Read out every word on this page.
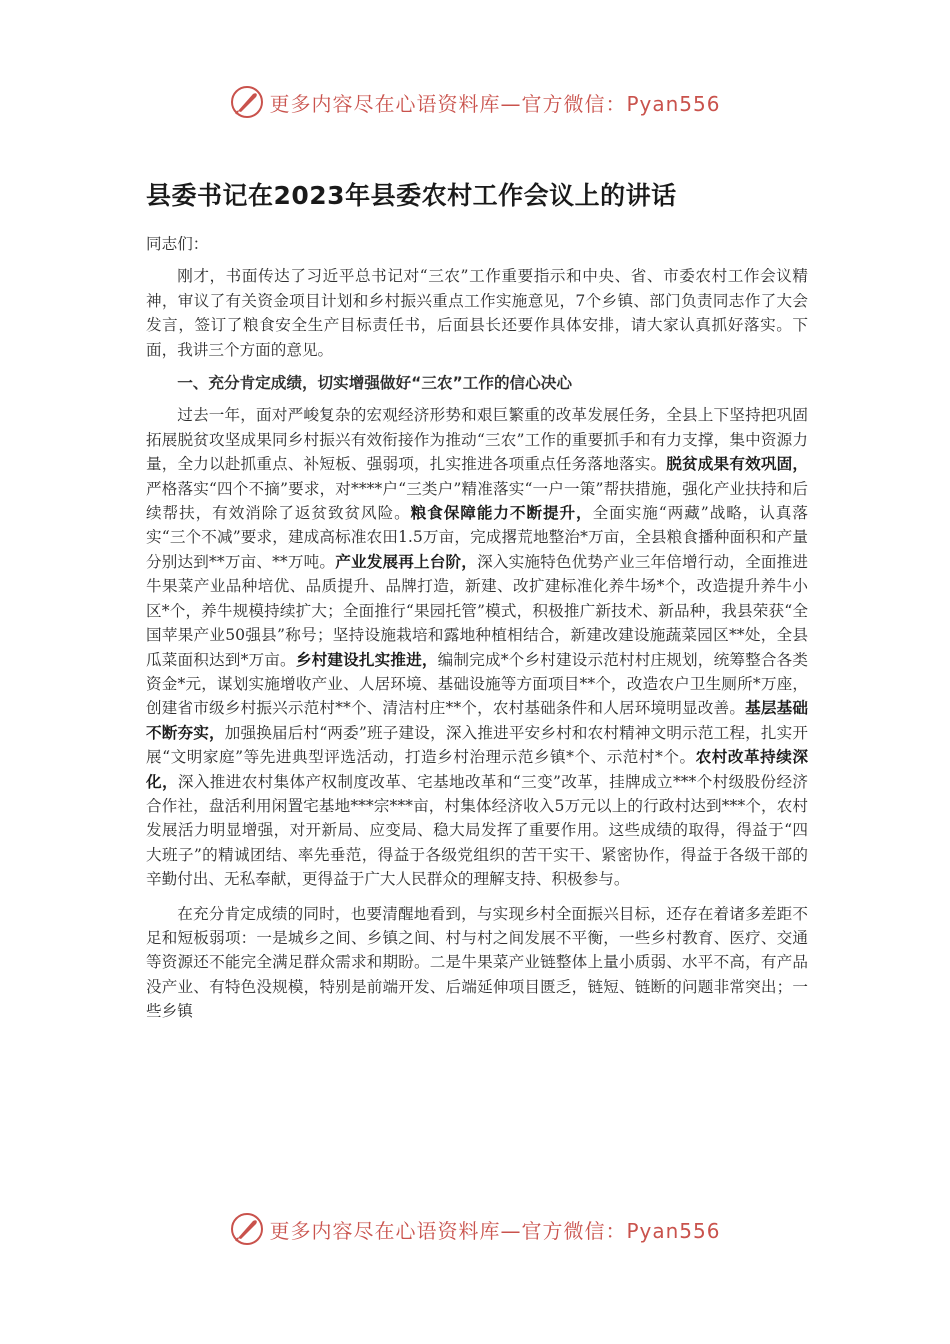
更多内容尽在心语资料库—官方微信：Pyan556
县委书记在2023年县委农村工作会议上的讲话

同志们：

刚才，书面传达了习近平总书记对“三农”工作重要指示和中央、省、市委农村工作会议精神，审议了有关资金项目计划和乡村振兴重点工作实施意见，7个乡镇、部门负责同志作了大会发言，签订了粮食安全生产目标责任书，后面县长还要作具体安排，请大家认真抓好落实。下面，我讲三个方面的意见。

一、充分肯定成绩，切实增强做好“三农”工作的信心决心

过去一年，面对严峻复杂的宏观经济形势和艰巨繁重的改革发展任务，全县上下坚持把巩固拓展脱贫攻坚成果同乡村振兴有效衔接作为推动“三农”工作的重要抓手和有力支撑，集中资源力量，全力以赴抓重点、补短板、强弱项，扎实推进各项重点任务落地落实。脱贫成果有效巩固，严格落实“四个不摘”要求，对****户“三类户”精准落实“一户一策”帮扶措施，强化产业扶持和后续帮扶，有效消除了返贫致贫风险。粮食保障能力不断提升，全面实施“两藏”战略，认真落实“三个不减”要求，建成高标准农田1.5万亩，完成撂荒地整治*万亩，全县粮食播种面积和产量分别达到**万亩、**万吨。产业发展再上台阶，深入实施特色优势产业三年倍增行动，全面推进牛果菜产业品种培优、品质提升、品牌打造，新建、改扩建标准化养牛场*个，改造提升养牛小区*个，养牛规模持续扩大；全面推行“果园托管”模式，积极推广新技术、新品种，我县荣获“全国苹果产业50强县”称号；坚持设施栽培和露地种植相结合，新建改建设施蔬菜园区**处，全县瓜菜面积达到*万亩。乡村建设扎实推进，编制完成*个乡村建设示范村村庄规划，统筹整合各类资金*元，谋划实施增收产业、人居环境、基础设施等方面项目**个，改造农户卫生厕所*万座，创建省市级乡村振兴示范村**个、清洁村庄**个，农村基础条件和人居环境明显改善。基层基础不断夯实，加强换届后村“两委”班子建设，深入推进平安乡村和农村精神文明示范工程，扎实开展“文明家庭”等先进典型评选活动，打造乡村治理示范乡镇*个、示范村*个。农村改革持续深化，深入推进农村集体产权制度改革、宅基地改革和“三变”改革，挂牌成立***个村级股份经济合作社，盘活利用闲置宅基地***宗***亩，村集体经济收入5万元以上的行政村达到***个，农村发展活力明显增强，对开新局、应变局、稳大局发挥了重要作用。这些成绩的取得，得益于“四大班子”的精诚团结、率先垂范，得益于各级党组织的苦干实干、紧密协作，得益于各级干部的辛勤付出、无私奉献，更得益于广大人民群众的理解支持、积极参与。

在充分肯定成绩的同时，也要清醒地看到，与实现乡村全面振兴目标，还存在着诸多差距不足和短板弱项：一是城乡之间、乡镇之间、村与村之间发展不平衡，一些乡村教育、医疗、交通等资源还不能完全满足群众需求和期盼。二是牛果菜产业链整体上量小质弱、水平不高，有产品没产业、有特色没规模，特别是前端开发、后端延伸项目匮乏，链短、链断的问题非常突出；一些乡镇

更多内容尽在心语资料库—官方微信：Pyan556
